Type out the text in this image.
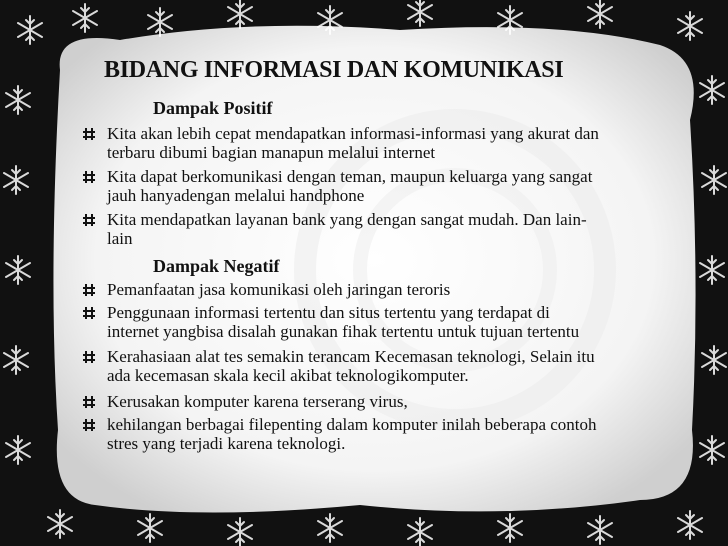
BIDANG INFORMASI DAN KOMUNIKASI
Dampak Positif
Kita akan lebih cepat mendapatkan informasi-informasi yang akurat dan
terbaru dibumi bagian manapun melalui internet
Kita dapat berkomunikasi dengan teman, maupun keluarga yang sangat
jauh hanyadengan melalui handphone
Kita mendapatkan layanan bank yang dengan sangat mudah. Dan lain-
lain
Dampak Negatif
Pemanfaatan jasa komunikasi oleh jaringan teroris
Penggunaan informasi tertentu dan situs tertentu yang terdapat di
internet yangbisa disalah gunakan fihak tertentu untuk tujuan tertentu
Kerahasiaan alat tes semakin terancam Kecemasan teknologi, Selain itu
ada kecemasan skala kecil akibat teknologikomputer.
Kerusakan komputer karena terserang virus,
kehilangan berbagai filepenting dalam komputer inilah beberapa contoh
stres yang terjadi karena teknologi.
